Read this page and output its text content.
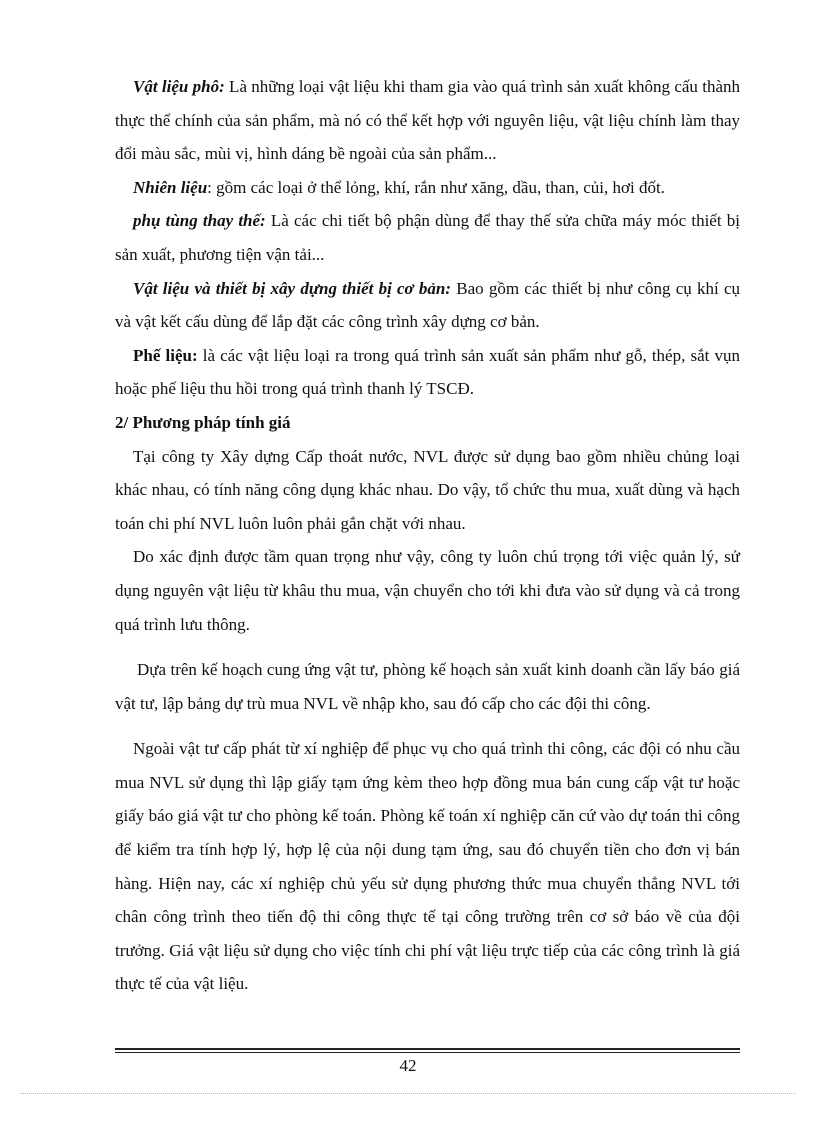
Vật liệu phô: Là những loại vật liệu khi tham gia vào quá trình sản xuất không cấu thành thực thể chính của sản phẩm, mà nó có thể kết hợp với nguyên liệu, vật liệu chính làm thay đổi màu sắc, mùi vị, hình dáng bề ngoài của sản phẩm...

Nhiên liệu: gồm các loại ở thể lỏng, khí, rắn như xăng, dầu, than, củi, hơi đốt.

phụ tùng thay thế: Là các chi tiết bộ phận dùng để thay thế sửa chữa máy móc thiết bị sản xuất, phương tiện vận tải...

Vật liệu và thiết bị xây dựng thiết bị cơ bản: Bao gồm các thiết bị như công cụ khí cụ và vật kết cấu dùng để lắp đặt các công trình xây dựng cơ bản.

Phế liệu: là các vật liệu loại ra trong quá trình sản xuất sản phẩm như gỗ, thép, sắt vụn hoặc phế liệu thu hồi trong quá trình thanh lý TSCĐ.

2/ Phương pháp tính giá

Tại công ty Xây dựng Cấp thoát nước, NVL được sử dụng bao gồm nhiều chủng loại khác nhau, có tính năng công dụng khác nhau. Do vậy, tổ chức thu mua, xuất dùng và hạch toán chi phí NVL luôn luôn phải gắn chặt với nhau.

Do xác định được tầm quan trọng như vậy, công ty luôn chú trọng tới việc quản lý, sử dụng nguyên vật liệu từ khâu thu mua, vận chuyển cho tới khi đưa vào sử dụng và cả trong quá trình lưu thông.

Dựa trên kế hoạch cung ứng vật tư, phòng kế hoạch sản xuất kinh doanh cần lấy báo giá vật tư, lập bảng dự trù mua NVL về nhập kho, sau đó cấp cho các đội thi công.

Ngoài vật tư cấp phát từ xí nghiệp để phục vụ cho quá trình thi công, các đội có nhu cầu mua NVL sử dụng thì lập giấy tạm ứng kèm theo hợp đồng mua bán cung cấp vật tư hoặc giấy báo giá vật tư cho phòng kế toán. Phòng kế toán xí nghiệp căn cứ vào dự toán thi công để kiểm tra tính hợp lý, hợp lệ của nội dung tạm ứng, sau đó chuyển tiền cho đơn vị bán hàng. Hiện nay, các xí nghiệp chủ yếu sử dụng phương thức mua chuyển thẳng NVL tới chân công trình theo tiến độ thi công thực tế tại công trường trên cơ sở báo về của đội trưởng. Giá vật liệu sử dụng cho việc tính chi phí vật liệu trực tiếp của các công trình là giá thực tế của vật liệu.

42
